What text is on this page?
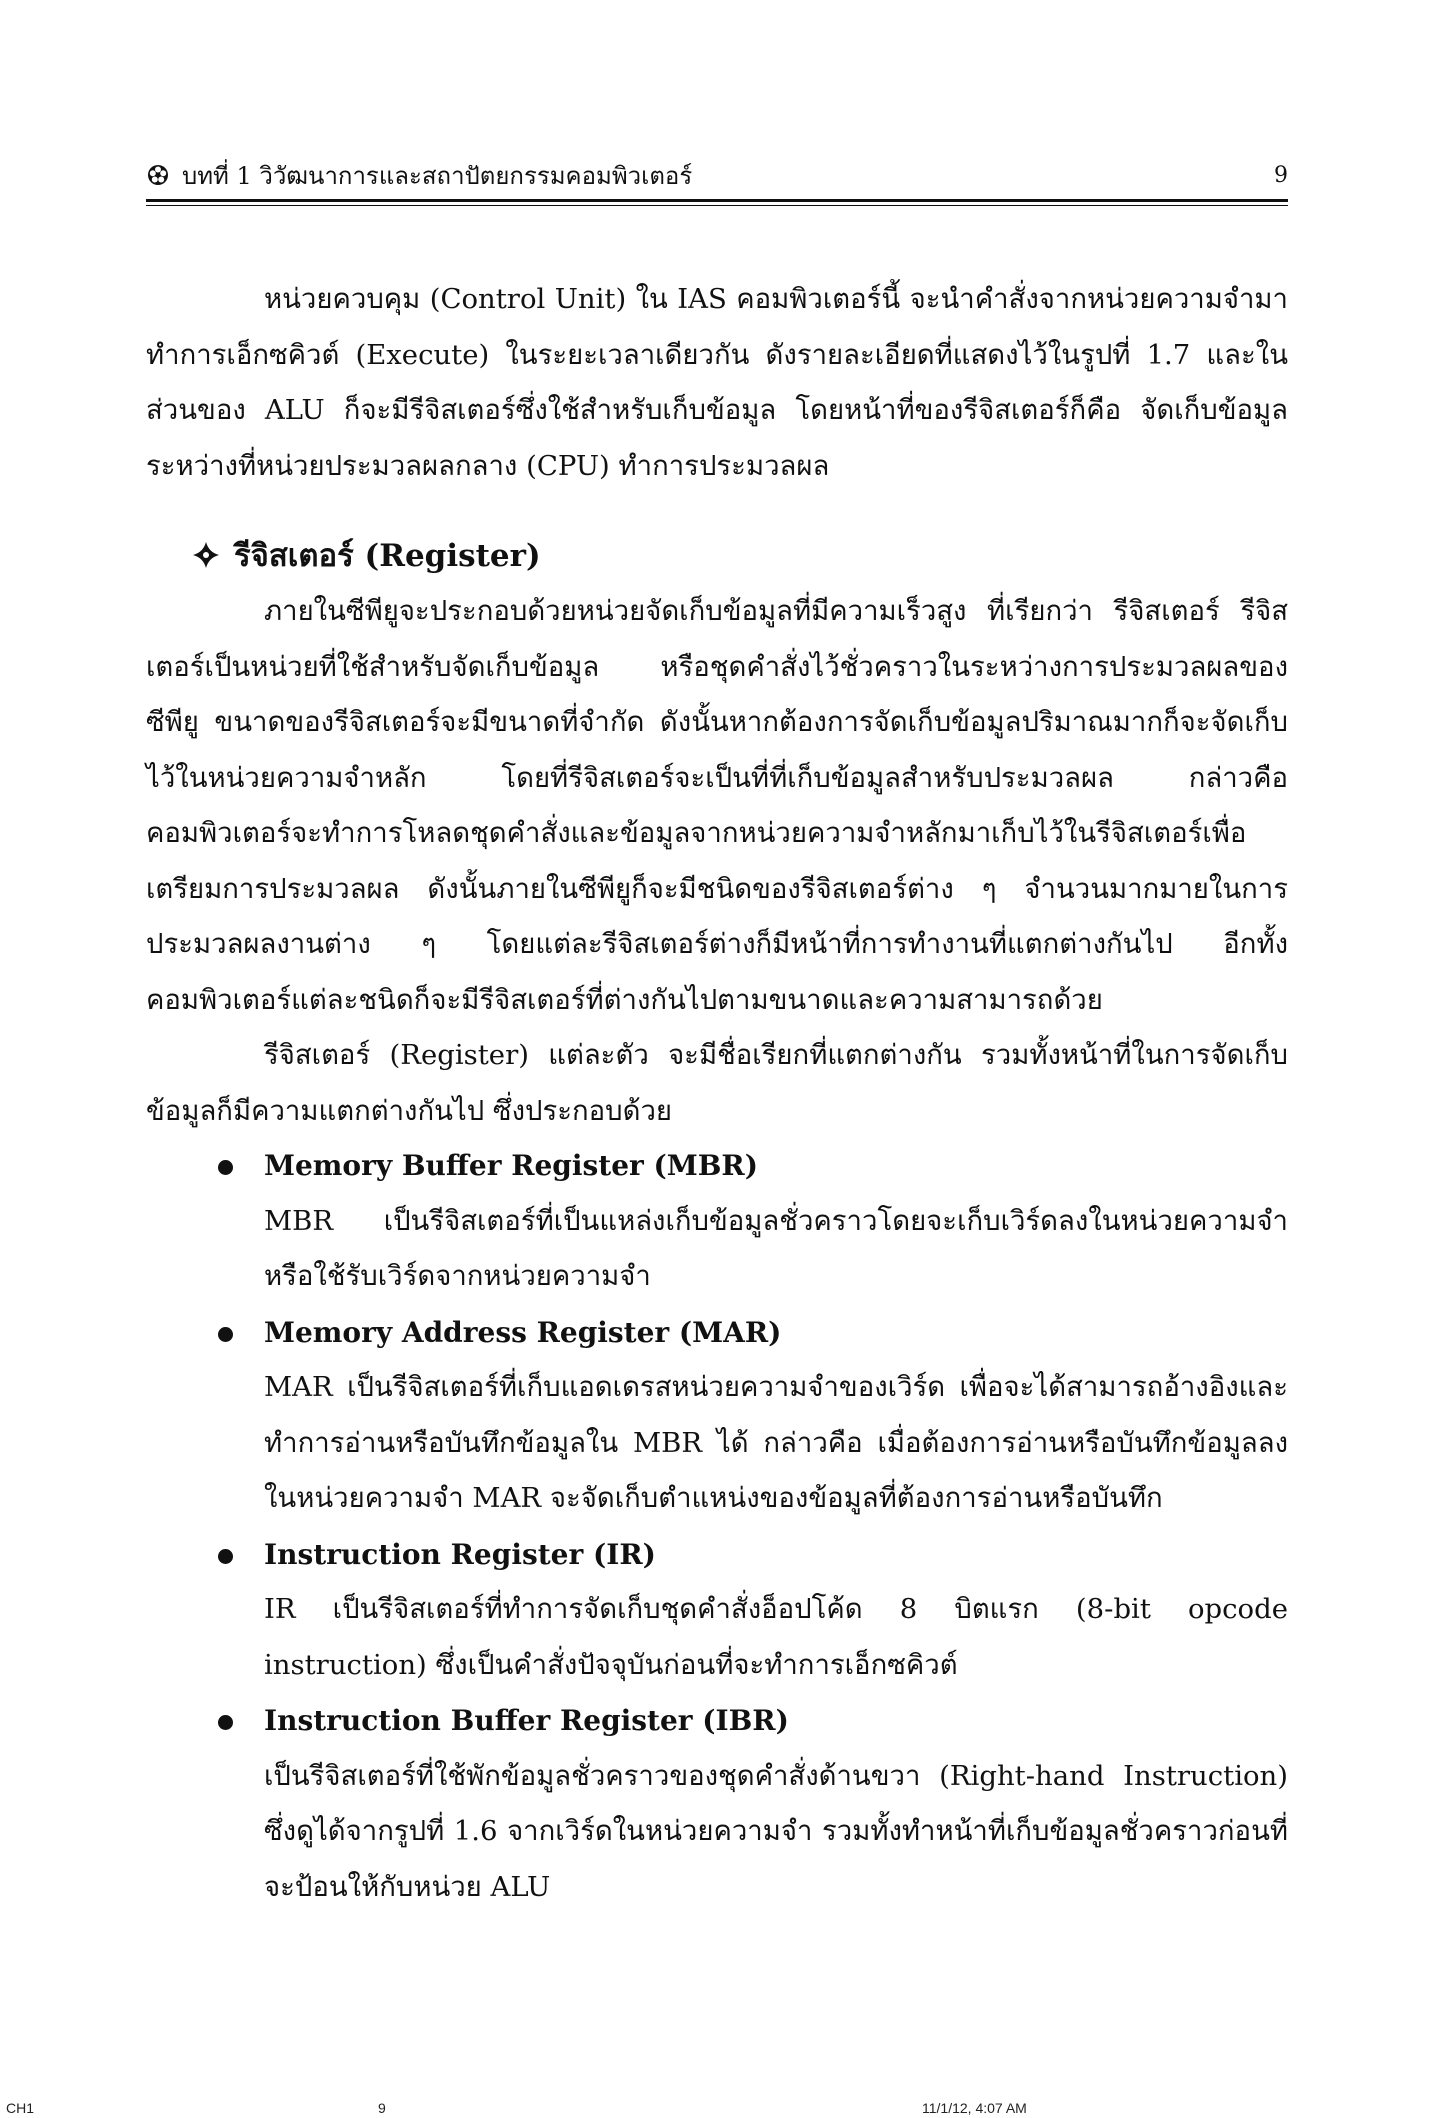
บทที่ 1 วิวัฒนาการและสถาปัตยกรรมคอมพิวเตอร์	9

หน่วยควบคุม (Control Unit) ใน IAS คอมพิวเตอร์นี้ จะนำคำสั่งจากหน่วยความจำมาทำการเอ็กซคิวต์ (Execute) ในระยะเวลาเดียวกัน ดังรายละเอียดที่แสดงไว้ในรูปที่ 1.7 และในส่วนของ ALU ก็จะมีรีจิสเตอร์ซึ่งใช้สำหรับเก็บข้อมูล โดยหน้าที่ของรีจิสเตอร์ก็คือ จัดเก็บข้อมูลระหว่างที่หน่วยประมวลผลกลาง (CPU) ทำการประมวลผล

รีจิสเตอร์ (Register)

ภายในซีพียูจะประกอบด้วยหน่วยจัดเก็บข้อมูลที่มีความเร็วสูง ที่เรียกว่า รีจิสเตอร์ รีจิสเตอร์เป็นหน่วยที่ใช้สำหรับจัดเก็บข้อมูล หรือชุดคำสั่งไว้ชั่วคราวในระหว่างการประมวลผลของซีพียู ขนาดของรีจิสเตอร์จะมีขนาดที่จำกัด ดังนั้นหากต้องการจัดเก็บข้อมูลปริมาณมากก็จะจัดเก็บไว้ในหน่วยความจำหลัก โดยที่รีจิสเตอร์จะเป็นที่ที่เก็บข้อมูลสำหรับประมวลผล กล่าวคือ คอมพิวเตอร์จะทำการโหลดชุดคำสั่งและข้อมูลจากหน่วยความจำหลักมาเก็บไว้ในรีจิสเตอร์เพื่อเตรียมการประมวลผล ดังนั้นภายในซีพียูก็จะมีชนิดของรีจิสเตอร์ต่าง ๆ จำนวนมากมายในการประมวลผลงานต่าง ๆ โดยแต่ละรีจิสเตอร์ต่างก็มีหน้าที่การทำงานที่แตกต่างกันไป อีกทั้งคอมพิวเตอร์แต่ละชนิดก็จะมีรีจิสเตอร์ที่ต่างกันไปตามขนาดและความสามารถด้วย

รีจิสเตอร์ (Register) แต่ละตัว จะมีชื่อเรียกที่แตกต่างกัน รวมทั้งหน้าที่ในการจัดเก็บข้อมูลก็มีความแตกต่างกันไป ซึ่งประกอบด้วย

Memory Buffer Register (MBR)
MBR เป็นรีจิสเตอร์ที่เป็นแหล่งเก็บข้อมูลชั่วคราวโดยจะเก็บเวิร์ดลงในหน่วยความจำ หรือใช้รับเวิร์ดจากหน่วยความจำ
Memory Address Register (MAR)
MAR เป็นรีจิสเตอร์ที่เก็บแอดเดรสหน่วยความจำของเวิร์ด เพื่อจะได้สามารถอ้างอิงและทำการอ่านหรือบันทึกข้อมูลใน MBR ได้ กล่าวคือ เมื่อต้องการอ่านหรือบันทึกข้อมูลลงในหน่วยความจำ MAR จะจัดเก็บตำแหน่งของข้อมูลที่ต้องการอ่านหรือบันทึก
Instruction Register (IR)
IR เป็นรีจิสเตอร์ที่ทำการจัดเก็บชุดคำสั่งอ็อปโค้ด 8 บิตแรก (8-bit opcode instruction) ซึ่งเป็นคำสั่งปัจจุบันก่อนที่จะทำการเอ็กซคิวต์
Instruction Buffer Register (IBR)
เป็นรีจิสเตอร์ที่ใช้พักข้อมูลชั่วคราวของชุดคำสั่งด้านขวา (Right-hand Instruction) ซึ่งดูได้จากรูปที่ 1.6 จากเวิร์ดในหน่วยความจำ รวมทั้งทำหน้าที่เก็บข้อมูลชั่วคราวก่อนที่จะป้อนให้กับหน่วย ALU
CH1	9	11/1/12, 4:07 AM
